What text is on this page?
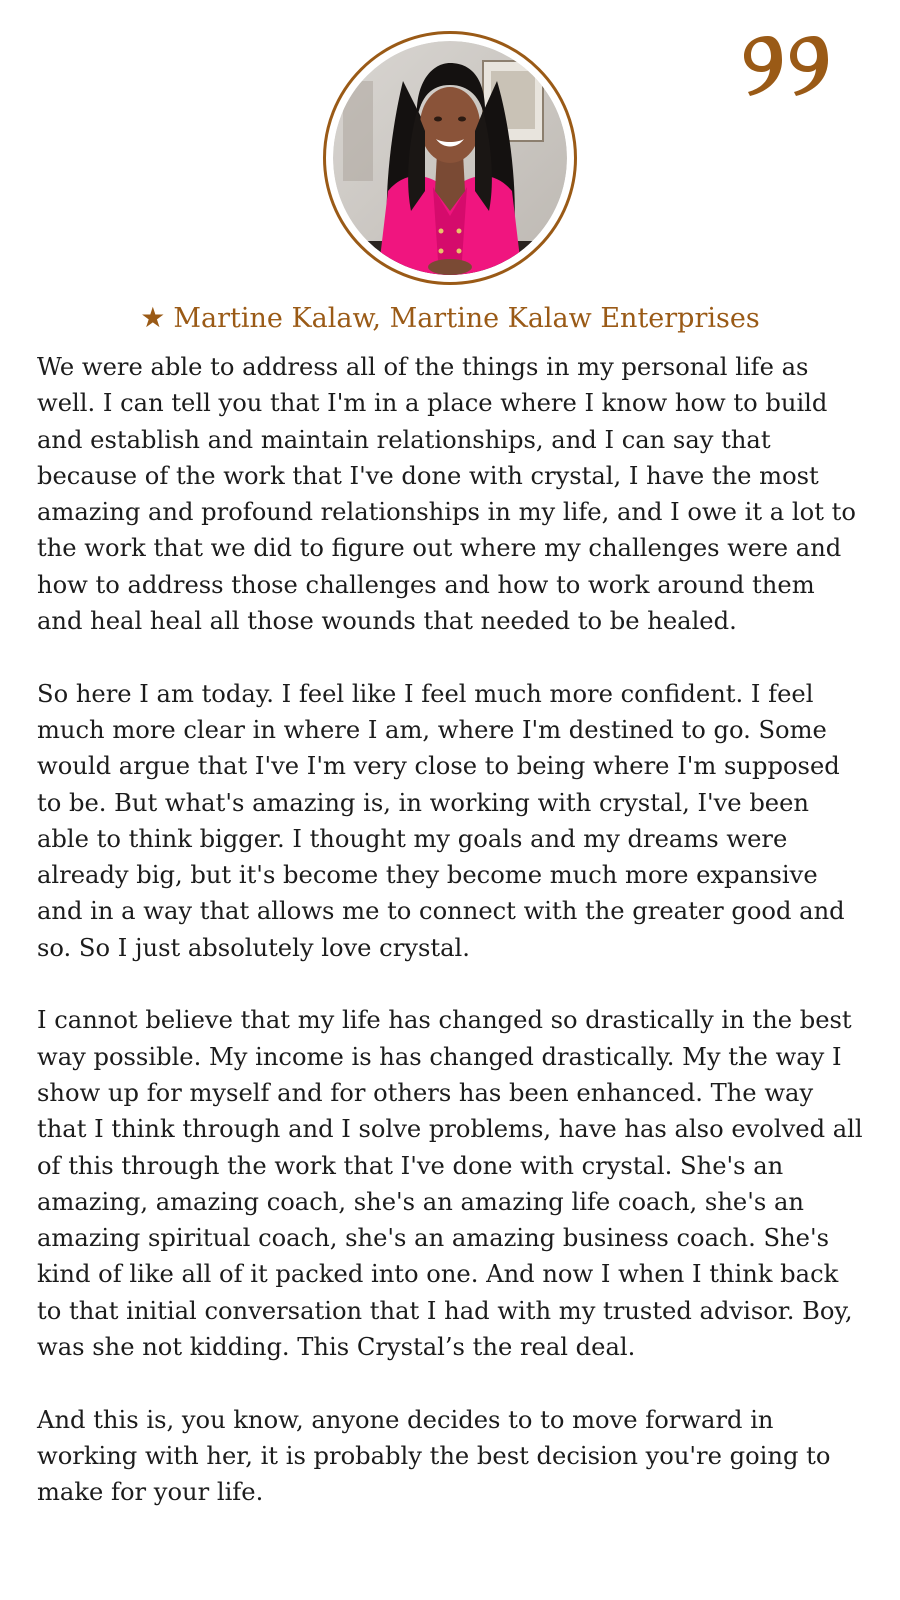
★ Martine Kalaw, Martine Kalaw Enterprises

We were able to address all of the things in my personal life as well. I can tell you that I'm in a place where I know how to build and establish and maintain relationships, and I can say that because of the work that I've done with crystal, I have the most amazing and profound relationships in my life, and I owe it a lot to the work that we did to figure out where my challenges were and how to address those challenges and how to work around them and heal heal all those wounds that needed to be healed.

So here I am today. I feel like I feel much more confident. I feel much more clear in where I am, where I'm destined to go. Some would argue that I've I'm very close to being where I'm supposed to be. But what's amazing is, in working with crystal, I've been able to think bigger. I thought my goals and my dreams were already big, but it's become they become much more expansive and in a way that allows me to connect with the greater good and so. So I just absolutely love crystal.

I cannot believe that my life has changed so drastically in the best way possible. My income is has changed drastically. My the way I show up for myself and for others has been enhanced. The way that I think through and I solve problems, have has also evolved all of this through the work that I've done with crystal. She's an amazing, amazing coach, she's an amazing life coach, she's an amazing spiritual coach, she's an amazing business coach. She's kind of like all of it packed into one. And now I when I think back to that initial conversation that I had with my trusted advisor. Boy, was she not kidding. This Crystal’s the real deal.

And this is, you know, anyone decides to to move forward in working with her, it is probably the best decision you're going to make for your life.
